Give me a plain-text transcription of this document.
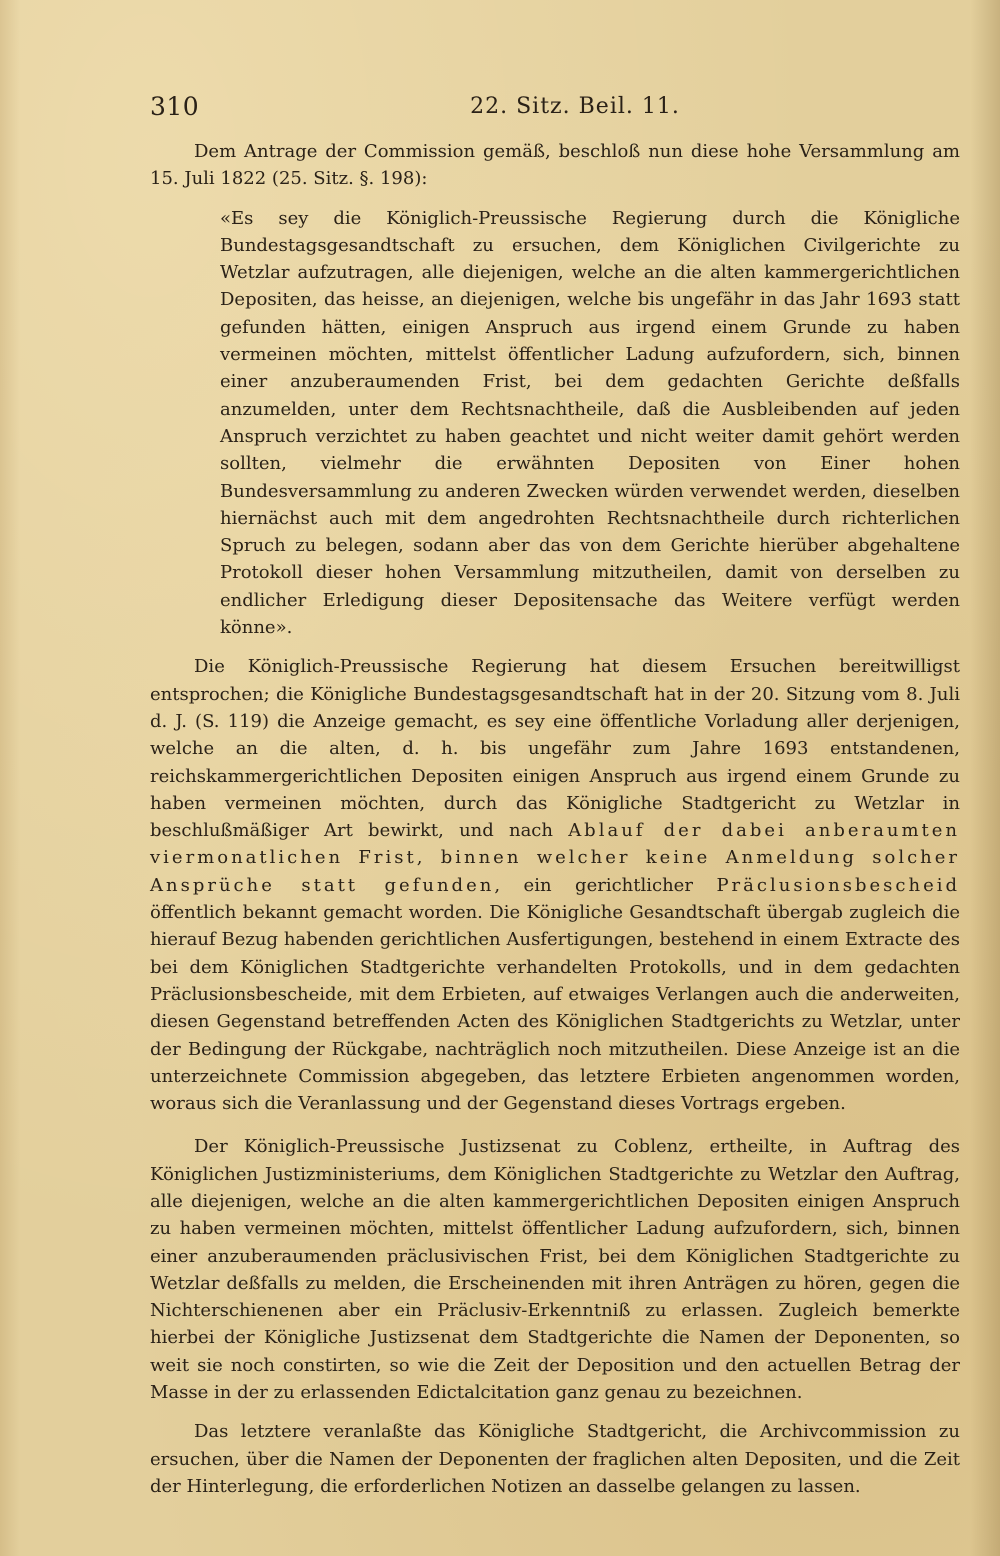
310	22. Sitz. Beil. 11.

Dem Antrage der Commission gemäß, beschloß nun diese hohe Versammlung am 15. Juli 1822 (25. Sitz. §. 198):

«Es sey die Königlich-Preussische Regierung durch die Königliche Bundestagsgesandtschaft zu ersuchen, dem Königlichen Civilgerichte zu Wetzlar aufzutragen, alle diejenigen, welche an die alten kammergerichtlichen Depositen, das heisse, an diejenigen, welche bis ungefähr in das Jahr 1693 statt gefunden hätten, einigen Anspruch aus irgend einem Grunde zu haben vermeinen möchten, mittelst öffentlicher Ladung aufzufordern, sich, binnen einer anzuberaumenden Frist, bei dem gedachten Gerichte deßfalls anzumelden, unter dem Rechtsnachtheile, daß die Ausbleibenden auf jeden Anspruch verzichtet zu haben geachtet und nicht weiter damit gehört werden sollten, vielmehr die erwähnten Depositen von Einer hohen Bundesversammlung zu anderen Zwecken würden verwendet werden, dieselben hiernächst auch mit dem angedrohten Rechtsnachtheile durch richterlichen Spruch zu belegen, sodann aber das von dem Gerichte hierüber abgehaltene Protokoll dieser hohen Versammlung mitzutheilen, damit von derselben zu endlicher Erledigung dieser Depositensache das Weitere verfügt werden könne».

Die Königlich-Preussische Regierung hat diesem Ersuchen bereitwilligst entsprochen; die Königliche Bundestagsgesandtschaft hat in der 20. Sitzung vom 8. Juli d. J. (S. 119) die Anzeige gemacht, es sey eine öffentliche Vorladung aller derjenigen, welche an die alten, d. h. bis ungefähr zum Jahre 1693 entstandenen, reichskammergerichtlichen Depositen einigen Anspruch aus irgend einem Grunde zu haben vermeinen möchten, durch das Königliche Stadtgericht zu Wetzlar in beschlußmäßiger Art bewirkt, und nach Ablauf der dabei anberaumten viermonatlichen Frist, binnen welcher keine Anmeldung solcher Ansprüche statt gefunden, ein gerichtlicher Präclusionsbescheid öffentlich bekannt gemacht worden. Die Königliche Gesandtschaft übergab zugleich die hierauf Bezug habenden gerichtlichen Ausfertigungen, bestehend in einem Extracte des bei dem Königlichen Stadtgerichte verhandelten Protokolls, und in dem gedachten Präclusionsbescheide, mit dem Erbieten, auf etwaiges Verlangen auch die anderweiten, diesen Gegenstand betreffenden Acten des Königlichen Stadtgerichts zu Wetzlar, unter der Bedingung der Rückgabe, nachträglich noch mitzutheilen. Diese Anzeige ist an die unterzeichnete Commission abgegeben, das letztere Erbieten angenommen worden, woraus sich die Veranlassung und der Gegenstand dieses Vortrags ergeben.

Der Königlich-Preussische Justizsenat zu Coblenz, ertheilte, in Auftrag des Königlichen Justizministeriums, dem Königlichen Stadtgerichte zu Wetzlar den Auftrag, alle diejenigen, welche an die alten kammergerichtlichen Depositen einigen Anspruch zu haben vermeinen möchten, mittelst öffentlicher Ladung aufzufordern, sich, binnen einer anzuberaumenden präclusivischen Frist, bei dem Königlichen Stadtgerichte zu Wetzlar deßfalls zu melden, die Erscheinenden mit ihren Anträgen zu hören, gegen die Nichterschienenen aber ein Präclusiv-Erkenntniß zu erlassen. Zugleich bemerkte hierbei der Königliche Justizsenat dem Stadtgerichte die Namen der Deponenten, so weit sie noch constirten, so wie die Zeit der Deposition und den actuellen Betrag der Masse in der zu erlassenden Edictalcitation ganz genau zu bezeichnen.

Das letztere veranlaßte das Königliche Stadtgericht, die Archivcommission zu ersuchen, über die Namen der Deponenten der fraglichen alten Depositen, und die Zeit der Hinterlegung, die erforderlichen Notizen an dasselbe gelangen zu lassen.
